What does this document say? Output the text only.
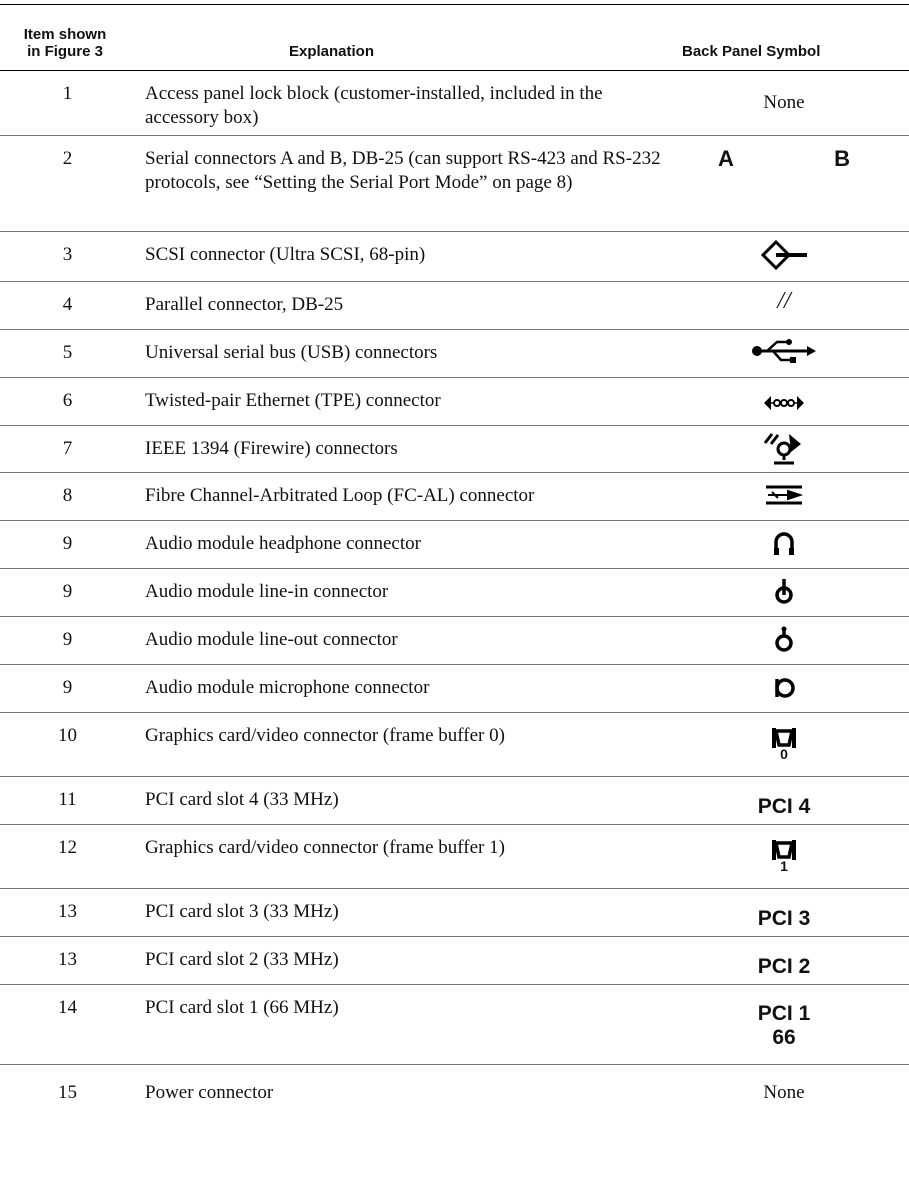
Item shown
in Figure 3	Explanation	Back Panel Symbol
1	Access panel lock block (customer-installed, included in the accessory box)	None
2	Serial connectors A and B, DB-25 (can support RS-423 and RS-232 protocols, see “Setting the Serial Port Mode” on page 8)	A B

3	SCSI connector (Ultra SCSI, 68-pin)	
4	Parallel connector, DB-25	//
5	Universal serial bus (USB) connectors	
6	Twisted-pair Ethernet (TPE) connector	
7	IEEE 1394 (Firewire) connectors	
8	Fibre Channel-Arbitrated Loop (FC-AL) connector	
9	Audio module headphone connector	
9	Audio module line-in connector	
9	Audio module line-out connector	
9	Audio module microphone connector	
10	Graphics card/video connector (frame buffer 0)	0

11	PCI card slot 4 (33 MHz)	PCI 4
12	Graphics card/video connector (frame buffer 1)	1

13	PCI card slot 3 (33 MHz)	PCI 3
13	PCI card slot 2 (33 MHz)	PCI 2
14	PCI card slot 1 (66 MHz)	PCI 1
66
15	Power connector	None
